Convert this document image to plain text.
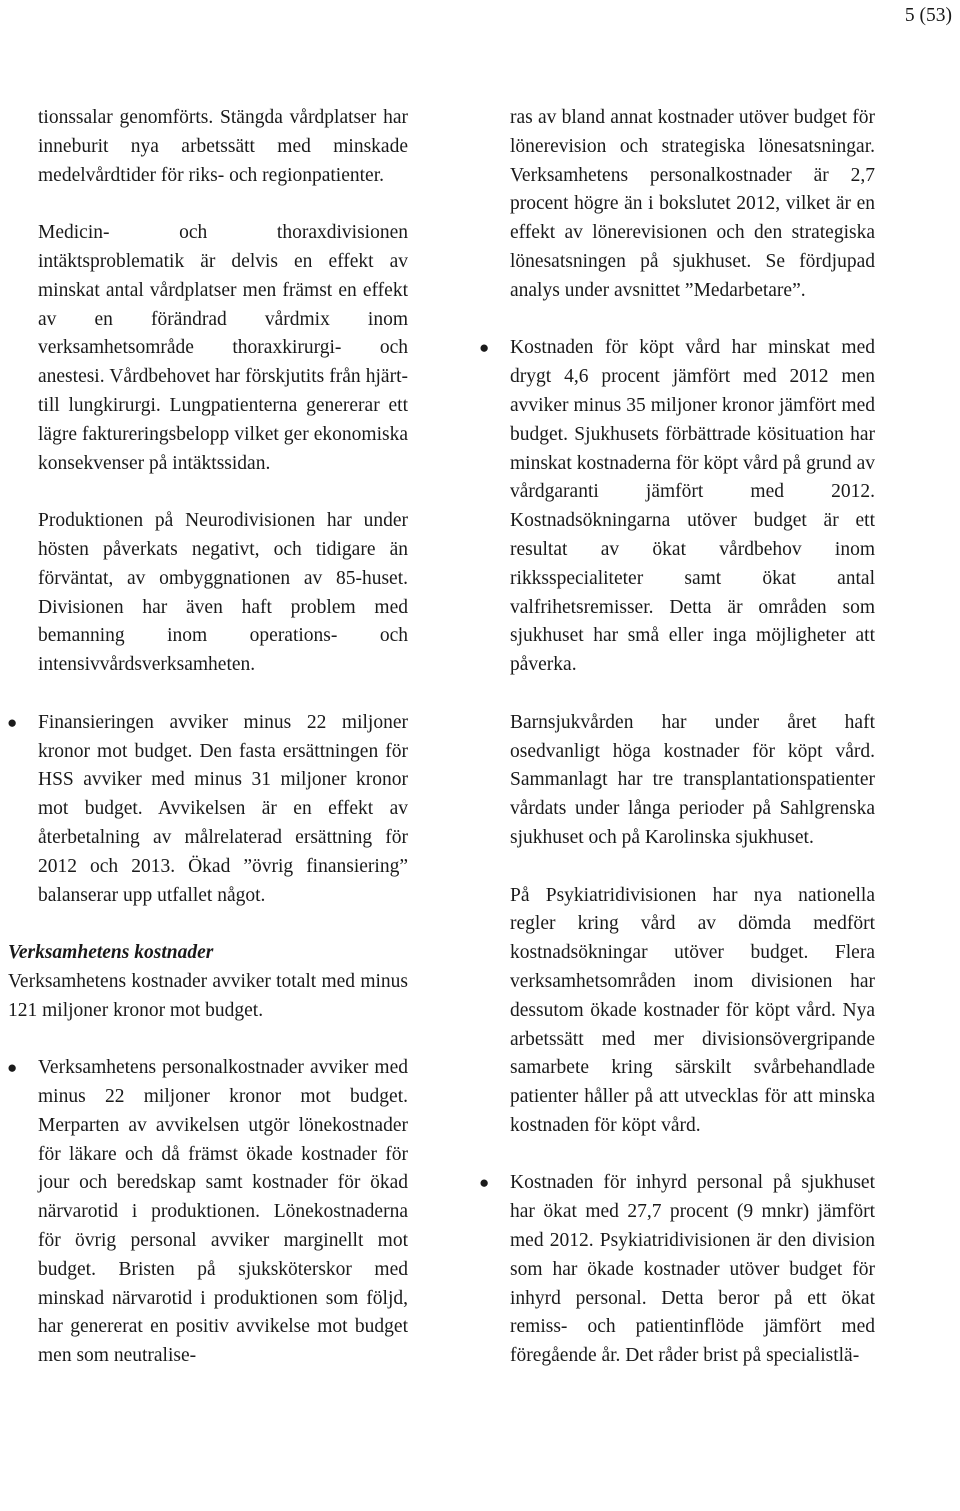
5 (53)

tionssalar genomförts. Stängda vårdplatser har inneburit nya arbetssätt med minskade medelvårdtider för riks- och regionpatienter.

Medicin- och thoraxdivisionen intäktsproblematik är delvis en effekt av minskat antal vårdplatser men främst en effekt av en förändrad vårdmix inom verksamhetsområde thoraxkirurgi- och anestesi. Vårdbehovet har förskjutits från hjärt- till lungkirurgi. Lungpatienterna genererar ett lägre faktureringsbelopp vilket ger ekonomiska konsekvenser på intäktssidan.

Produktionen på Neurodivisionen har under hösten påverkats negativt, och tidigare än förväntat, av ombyggnationen av 85-huset. Divisionen har även haft problem med bemanning inom operations- och intensivvårdsverksamheten.

● Finansieringen avviker minus 22 miljoner kronor mot budget. Den fasta ersättningen för HSS avviker med minus 31 miljoner kronor mot budget. Avvikelsen är en effekt av återbetalning av målrelaterad ersättning för 2012 och 2013. Ökad ”övrig finansiering” balanserar upp utfallet något.

Verksamhetens kostnader

Verksamhetens kostnader avviker totalt med minus 121 miljoner kronor mot budget.

● Verksamhetens personalkostnader avviker med minus 22 miljoner kronor mot budget. Merparten av avvikelsen utgör lönekostnader för läkare och då främst ökade kostnader för jour och beredskap samt kostnader för ökad närvarotid i produktionen. Lönekostnaderna för övrig personal avviker marginellt mot budget. Bristen på sjuksköterskor med minskad närvarotid i produktionen som följd, har genererat en positiv avvikelse mot budget men som neutralise-

ras av bland annat kostnader utöver budget för lönerevision och strategiska lönesatsningar. Verksamhetens personalkostnader är 2,7 procent högre än i bokslutet 2012, vilket är en effekt av lönerevisionen och den strategiska lönesatsningen på sjukhuset. Se fördjupad analys under avsnittet ”Medarbetare”.

● Kostnaden för köpt vård har minskat med drygt 4,6 procent jämfört med 2012 men avviker minus 35 miljoner kronor jämfört med budget. Sjukhusets förbättrade kösituation har minskat kostnaderna för köpt vård på grund av vårdgaranti jämfört med 2012. Kostnadsökningarna utöver budget är ett resultat av ökat vårdbehov inom rikksspecialiteter samt ökat antal valfrihetsremisser. Detta är områden som sjukhuset har små eller inga möjligheter att påverka.

Barnsjukvården har under året haft osedvanligt höga kostnader för köpt vård. Sammanlagt har tre transplantationspatienter vårdats under långa perioder på Sahlgrenska sjukhuset och på Karolinska sjukhuset.

På Psykiatridivisionen har nya nationella regler kring vård av dömda medfört kostnadsökningar utöver budget. Flera verksamhetsområden inom divisionen har dessutom ökade kostnader för köpt vård. Nya arbetssätt med mer divisionsövergripande samarbete kring särskilt svårbehandlade patienter håller på att utvecklas för att minska kostnaden för köpt vård.

● Kostnaden för inhyrd personal på sjukhuset har ökat med 27,7 procent (9 mnkr) jämfört med 2012. Psykiatridivisionen är den division som har ökade kostnader utöver budget för inhyrd personal. Detta beror på ett ökat remiss- och patientinflöde jämfört med föregående år. Det råder brist på specialistlä-
